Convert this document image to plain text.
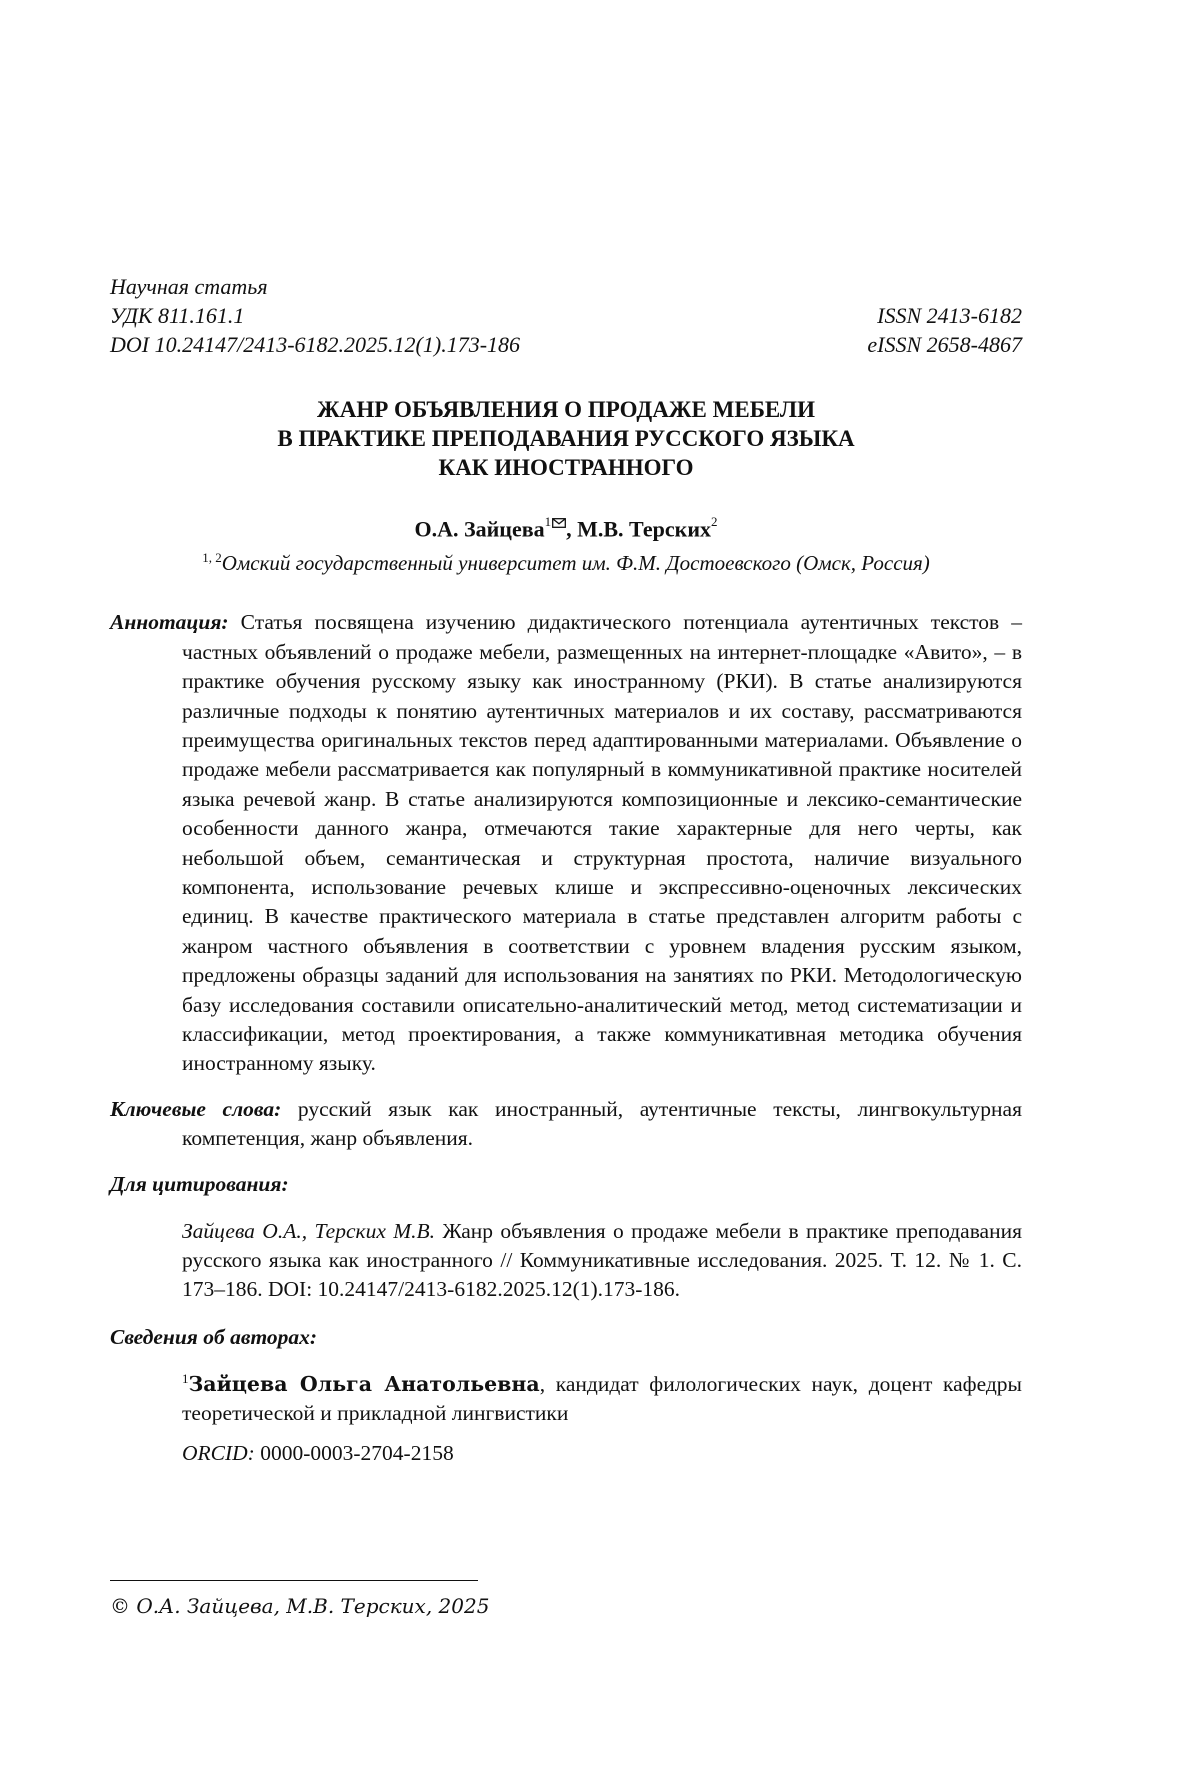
Научная статья
УДК 811.161.1	ISSN 2413-6182
DOI 10.24147/2413-6182.2025.12(1).173-186	eISSN 2658-4867
ЖАНР ОБЪЯВЛЕНИЯ О ПРОДАЖЕ МЕБЕЛИ
В ПРАКТИКЕ ПРЕПОДАВАНИЯ РУССКОГО ЯЗЫКА
КАК ИНОСТРАННОГО
О.А. Зайцева$^1$ , М.В. Терских$^2$
$^{1, 2}$Омский государственный университет им. Ф.М. Достоевского (Омск, Россия)
Аннотация: Статья посвящена изучению дидактического потенциала аутентичных текстов – частных объявлений о продаже мебели, размещенных на интернет-площадке «Авито», – в практике обучения русскому языку как иностранному (РКИ). В статье анализируются различные подходы к понятию аутентичных материалов и их составу, рассматриваются преимущества оригинальных текстов перед адаптированными материалами. Объявление о продаже мебели рассматривается как популярный в коммуникативной практике носителей языка речевой жанр. В статье анализируются композиционные и лексико-семантические особенности данного жанра, отмечаются такие характерные для него черты, как небольшой объем, семантическая и структурная простота, наличие визуального компонента, использование речевых клише и экспрессивно-оценочных лексических единиц. В качестве практического материала в статье представлен алгоритм работы с жанром частного объявления в соответствии с уровнем владения русским языком, предложены образцы заданий для использования на занятиях по РКИ. Методологическую базу исследования составили описательно-аналитический метод, метод систематизации и классификации, метод проектирования, а также коммуникативная методика обучения иностранному языку.
Ключевые слова: русский язык как иностранный, аутентичные тексты, лингвокультурная компетенция, жанр объявления.
Для цитирования:
Зайцева О.А., Терских М.В. Жанр объявления о продаже мебели в практике преподавания русского языка как иностранного // Коммуникативные исследования. 2025. Т. 12. № 1. С. 173–186. DOI: 10.24147/2413-6182.2025.12(1).173-186.
Сведения об авторах:
$^1$Зайцева Ольга Анатольевна, кандидат филологических наук, доцент кафедры теоретической и прикладной лингвистики
ORCID: 0000-0003-2704-2158
© О.А. Зайцева, М.В. Терских, 2025
